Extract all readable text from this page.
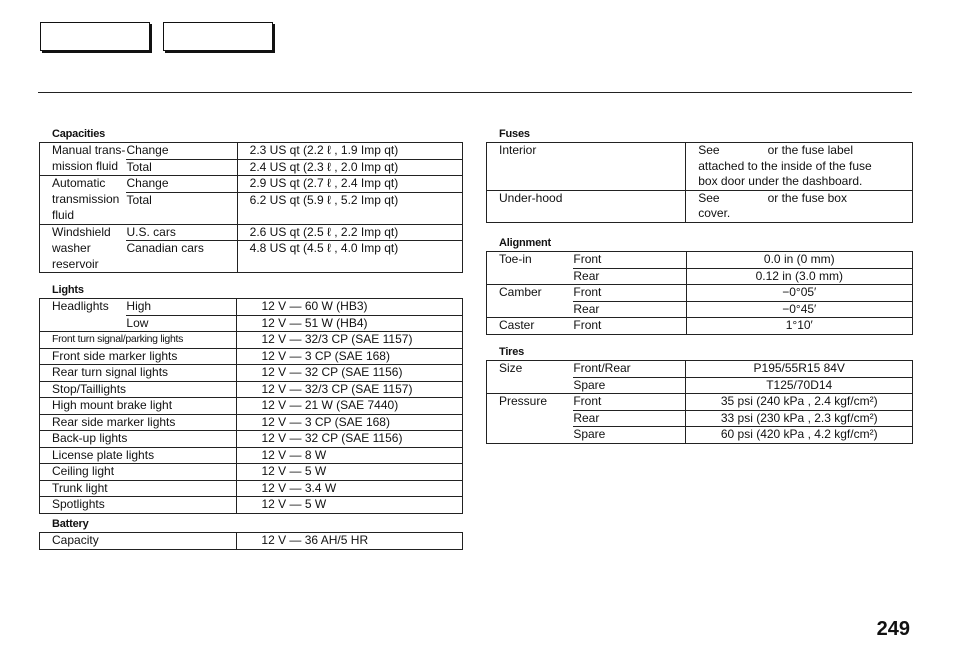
Capacities
Manual trans-	Change	2.3 US qt (2.2 ℓ , 1.9 Imp qt)
mission fluid	Total	2.4 US qt (2.3 ℓ , 2.0 Imp qt)
Automatic	Change	2.9 US qt (2.7 ℓ , 2.4 Imp qt)
transmission	Total	6.2 US qt (5.9 ℓ , 5.2 Imp qt)
fluid		
Windshield	U.S. cars	2.6 US qt (2.5 ℓ , 2.2 Imp qt)
washer	Canadian cars	4.8 US qt (4.5 ℓ , 4.0 Imp qt)
reservoir		
Lights
Headlights	High	12 V — 60 W (HB3)
	Low	12 V — 51 W (HB4)
Front turn signal/parking lights		12 V — 32/3 CP (SAE 1157)
Front side marker lights		12 V — 3 CP (SAE 168)
Rear turn signal lights		12 V — 32 CP (SAE 1156)
Stop/Taillights		12 V — 32/3 CP (SAE 1157)
High mount brake light		12 V — 21 W (SAE 7440)
Rear side marker lights		12 V — 3 CP (SAE 168)
Back-up lights		12 V — 32 CP (SAE 1156)
License plate lights		12 V — 8 W
Ceiling light		12 V — 5 W
Trunk light		12 V — 3.4 W
Spotlights		12 V — 5 W
Battery
Capacity	12 V — 36 AH/5 HR
Fuses
Interior	See or the fuse label
	attached to the inside of the fuse
	box door under the dashboard.
Under-hood	See or the fuse box
	cover.
Alignment
Toe-in	Front	0.0 in (0 mm)
	Rear	0.12 in (3.0 mm)
Camber	Front	−0°05′
	Rear	−0°45′
Caster	Front	1°10′
Tires
Size	Front/Rear	P195/55R15 84V
	Spare	T125/70D14
Pressure	Front	35 psi (240 kPa , 2.4 kgf/cm²)
	Rear	33 psi (230 kPa , 2.3 kgf/cm²)
	Spare	60 psi (420 kPa , 4.2 kgf/cm²)
249
